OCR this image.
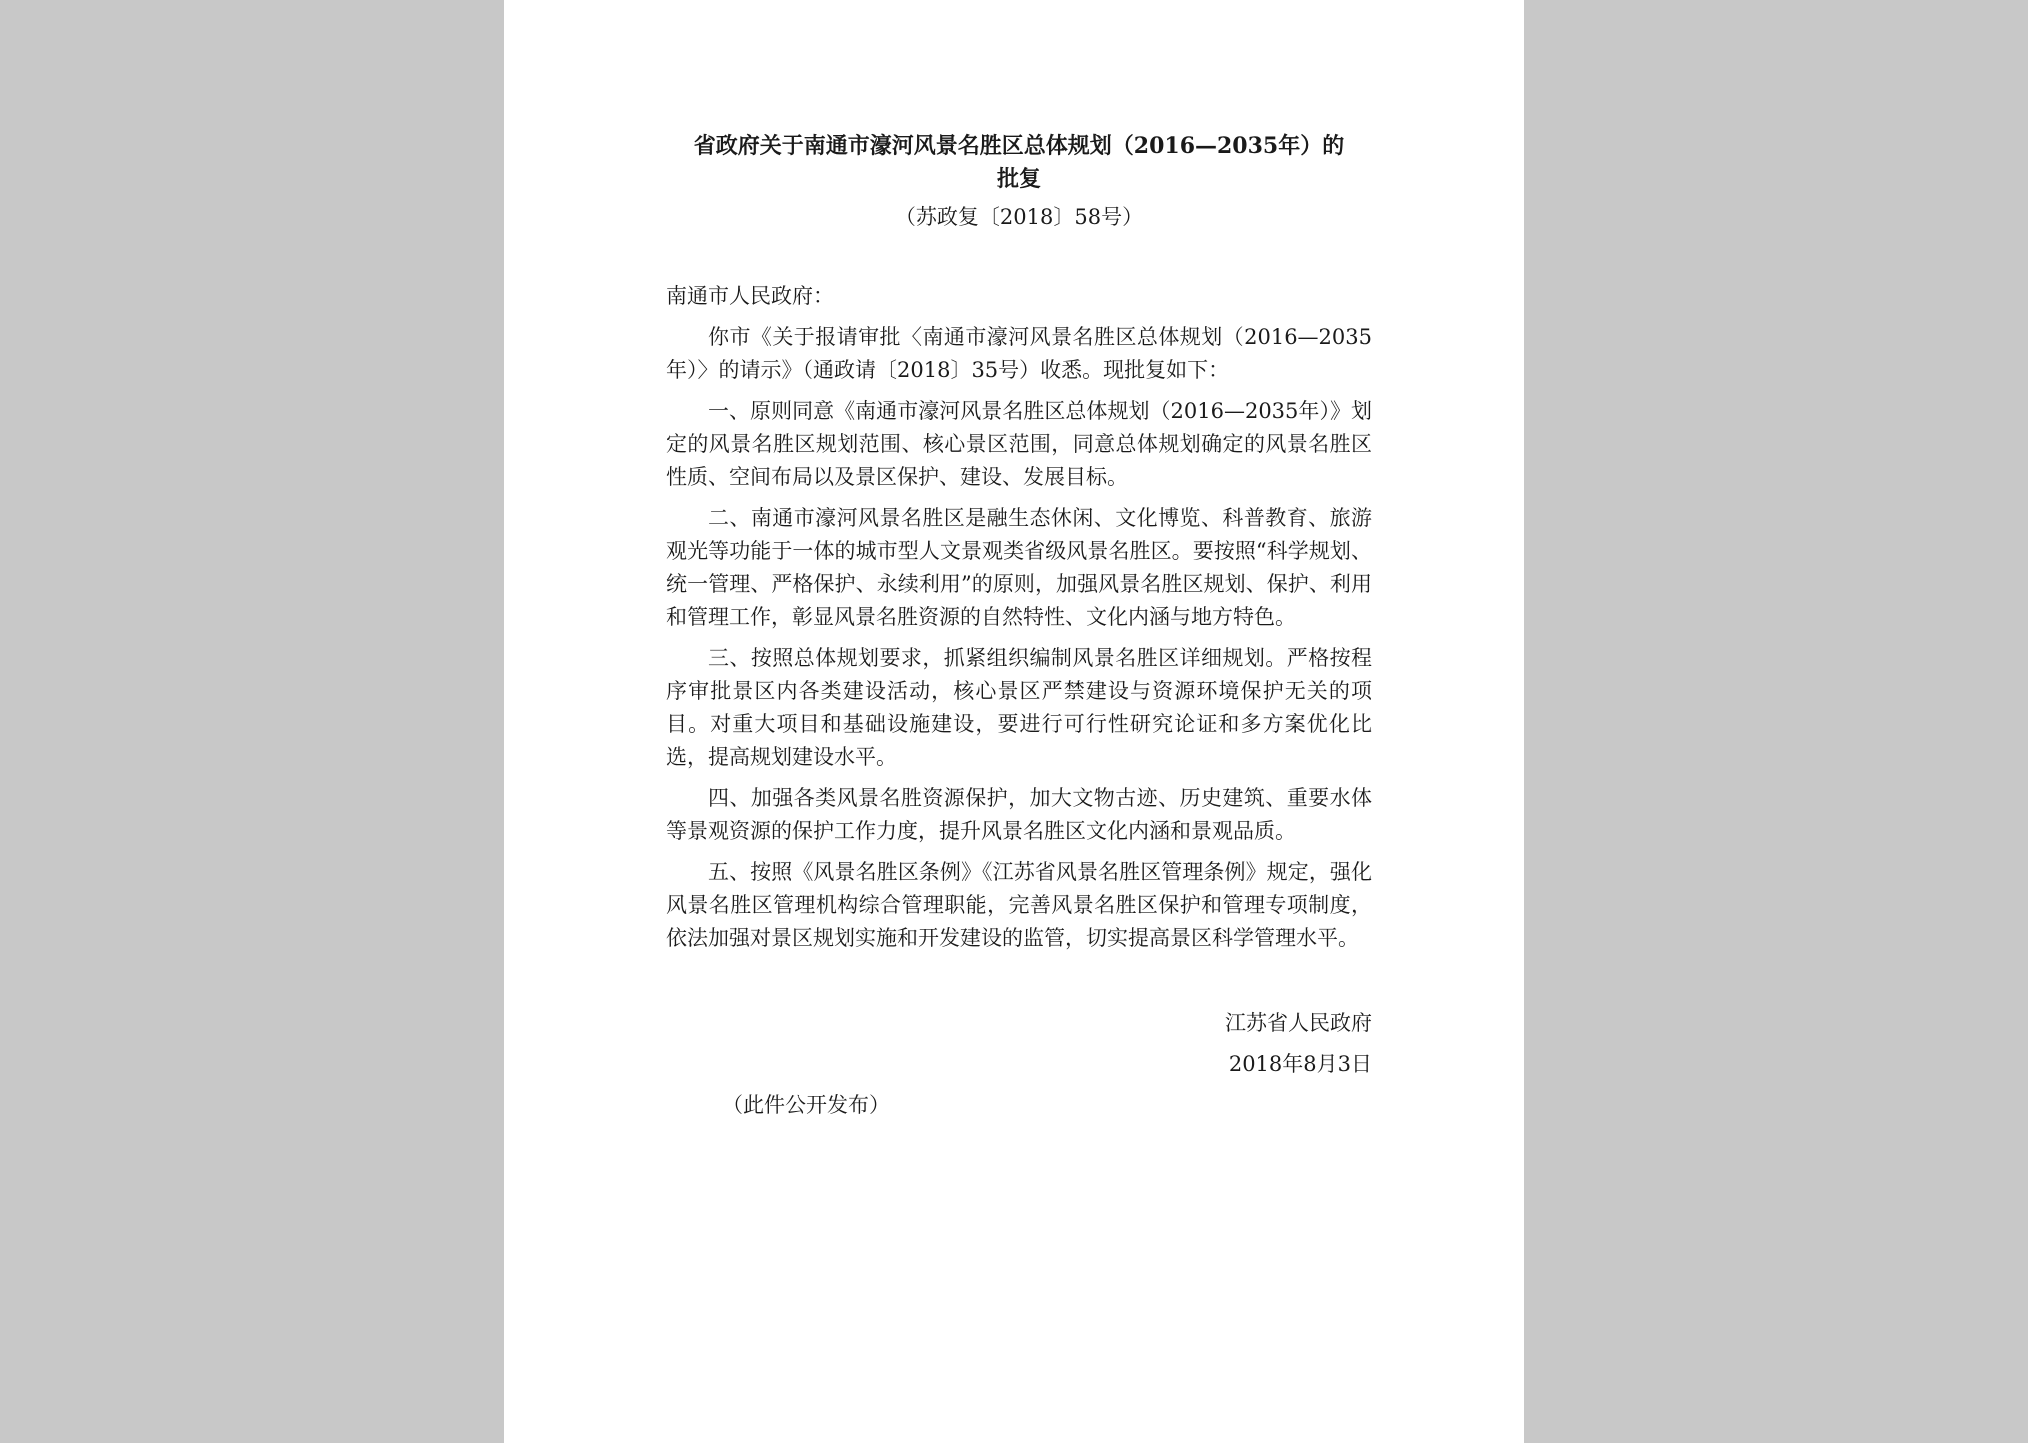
省政府关于南通市濠河风景名胜区总体规划（2016—2035年）的
批复
（苏政复〔2018〕58号）
南通市人民政府：
你市《关于报请审批〈南通市濠河风景名胜区总体规划（2016—2035年）〉的请示》（通政请〔2018〕35号）收悉。现批复如下：
一、原则同意《南通市濠河风景名胜区总体规划（2016—2035年）》划定的风景名胜区规划范围、核心景区范围，同意总体规划确定的风景名胜区性质、空间布局以及景区保护、建设、发展目标。
二、南通市濠河风景名胜区是融生态休闲、文化博览、科普教育、旅游观光等功能于一体的城市型人文景观类省级风景名胜区。要按照“科学规划、统一管理、严格保护、永续利用”的原则，加强风景名胜区规划、保护、利用和管理工作，彰显风景名胜资源的自然特性、文化内涵与地方特色。
三、按照总体规划要求，抓紧组织编制风景名胜区详细规划。严格按程序审批景区内各类建设活动，核心景区严禁建设与资源环境保护无关的项目。对重大项目和基础设施建设，要进行可行性研究论证和多方案优化比选，提高规划建设水平。
四、加强各类风景名胜资源保护，加大文物古迹、历史建筑、重要水体等景观资源的保护工作力度，提升风景名胜区文化内涵和景观品质。
五、按照《风景名胜区条例》《江苏省风景名胜区管理条例》规定，强化风景名胜区管理机构综合管理职能，完善风景名胜区保护和管理专项制度，依法加强对景区规划实施和开发建设的监管，切实提高景区科学管理水平。
江苏省人民政府
2018年8月3日
（此件公开发布）
